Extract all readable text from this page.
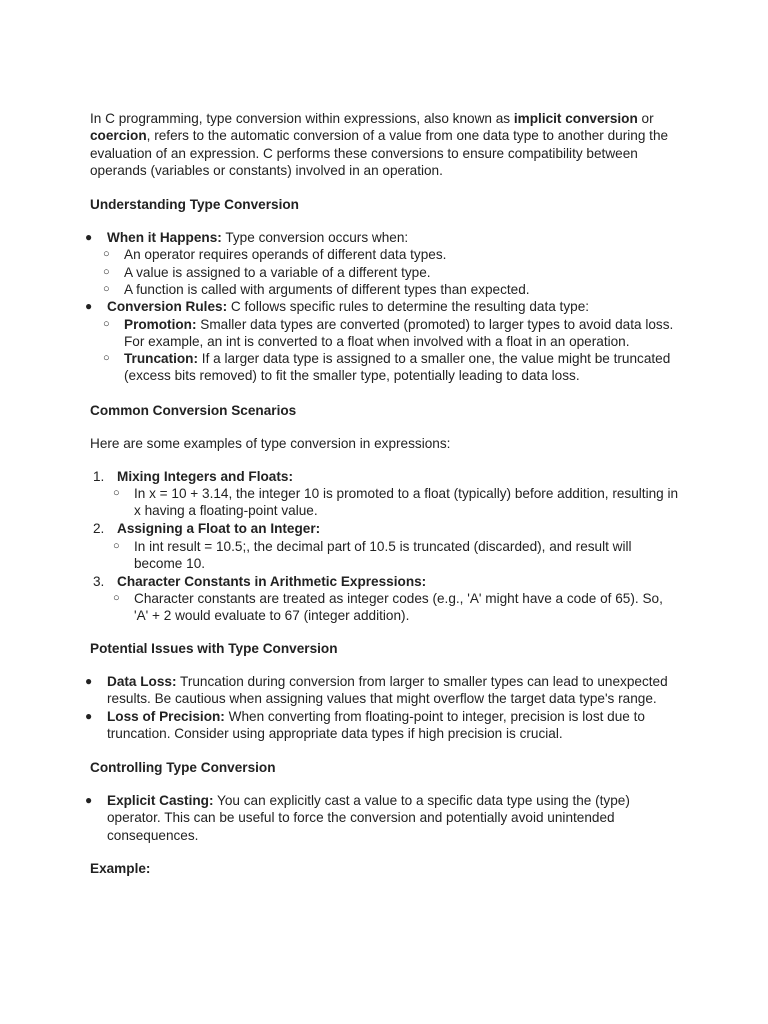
In C programming, type conversion within expressions, also known as implicit conversion or coercion, refers to the automatic conversion of a value from one data type to another during the evaluation of an expression. C performs these conversions to ensure compatibility between operands (variables or constants) involved in an operation.

Understanding Type Conversion

● When it Happens: Type conversion occurs when:
○ An operator requires operands of different data types.
○ A value is assigned to a variable of a different type.
○ A function is called with arguments of different types than expected.
● Conversion Rules: C follows specific rules to determine the resulting data type:
○ Promotion: Smaller data types are converted (promoted) to larger types to avoid data loss. For example, an int is converted to a float when involved with a float in an operation.
○ Truncation: If a larger data type is assigned to a smaller one, the value might be truncated (excess bits removed) to fit the smaller type, potentially leading to data loss.

Common Conversion Scenarios

Here are some examples of type conversion in expressions:

1. Mixing Integers and Floats:
○ In x = 10 + 3.14, the integer 10 is promoted to a float (typically) before addition, resulting in x having a floating-point value.
2. Assigning a Float to an Integer:
○ In int result = 10.5;, the decimal part of 10.5 is truncated (discarded), and result will become 10.
3. Character Constants in Arithmetic Expressions:
○ Character constants are treated as integer codes (e.g., 'A' might have a code of 65). So, 'A' + 2 would evaluate to 67 (integer addition).

Potential Issues with Type Conversion

● Data Loss: Truncation during conversion from larger to smaller types can lead to unexpected results. Be cautious when assigning values that might overflow the target data type's range.
● Loss of Precision: When converting from floating-point to integer, precision is lost due to truncation. Consider using appropriate data types if high precision is crucial.

Controlling Type Conversion

● Explicit Casting: You can explicitly cast a value to a specific data type using the (type) operator. This can be useful to force the conversion and potentially avoid unintended consequences.

Example:
